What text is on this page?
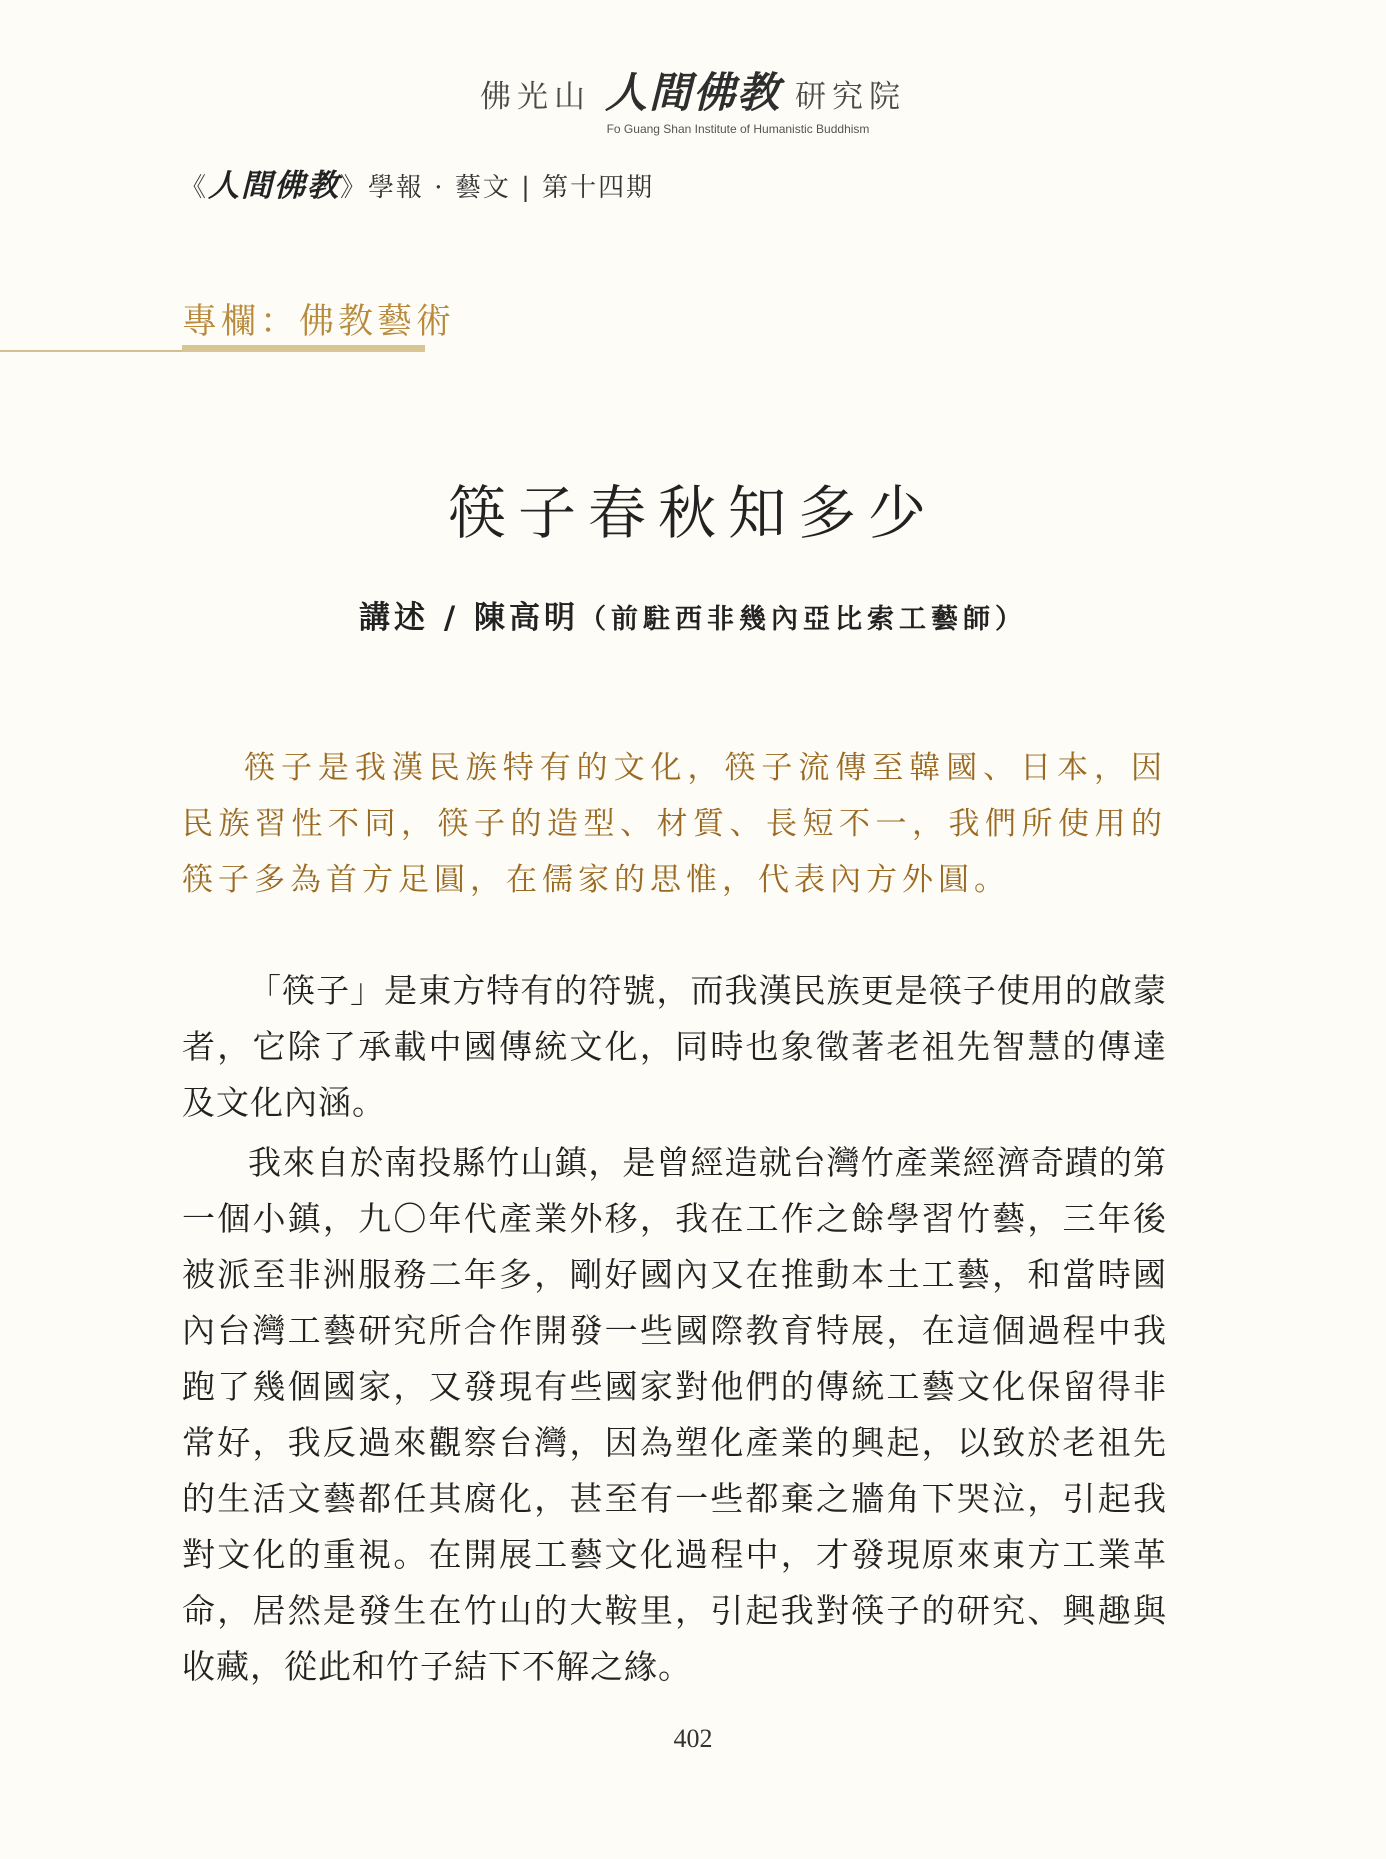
佛光山 人間佛教 研究院
Fo Guang Shan Institute of Humanistic Buddhism
《 人間佛教 》 學報 · 藝文 | 第十四期
專欄：佛教藝術
筷子春秋知多少
講述 / 陳高明（前駐西非幾內亞比索工藝師）

筷子是我漢民族特有的文化，筷子流傳至韓國、日本，因民族習性不同，筷子的造型、材質、長短不一，我們所使用的筷子多為首方足圓，在儒家的思惟，代表內方外圓。

「筷子」是東方特有的符號，而我漢民族更是筷子使用的啟蒙者，它除了承載中國傳統文化，同時也象徵著老祖先智慧的傳達及文化內涵。

我來自於南投縣竹山鎮，是曾經造就台灣竹產業經濟奇蹟的第一個小鎮，九〇年代產業外移，我在工作之餘學習竹藝，三年後被派至非洲服務二年多，剛好國內又在推動本土工藝，和當時國內台灣工藝研究所合作開發一些國際教育特展，在這個過程中我跑了幾個國家，又發現有些國家對他們的傳統工藝文化保留得非常好，我反過來觀察台灣，因為塑化產業的興起，以致於老祖先的生活文藝都任其腐化，甚至有一些都棄之牆角下哭泣，引起我對文化的重視。在開展工藝文化過程中，才發現原來東方工業革命，居然是發生在竹山的大鞍里，引起我對筷子的研究、興趣與收藏，從此和竹子結下不解之緣。

402
